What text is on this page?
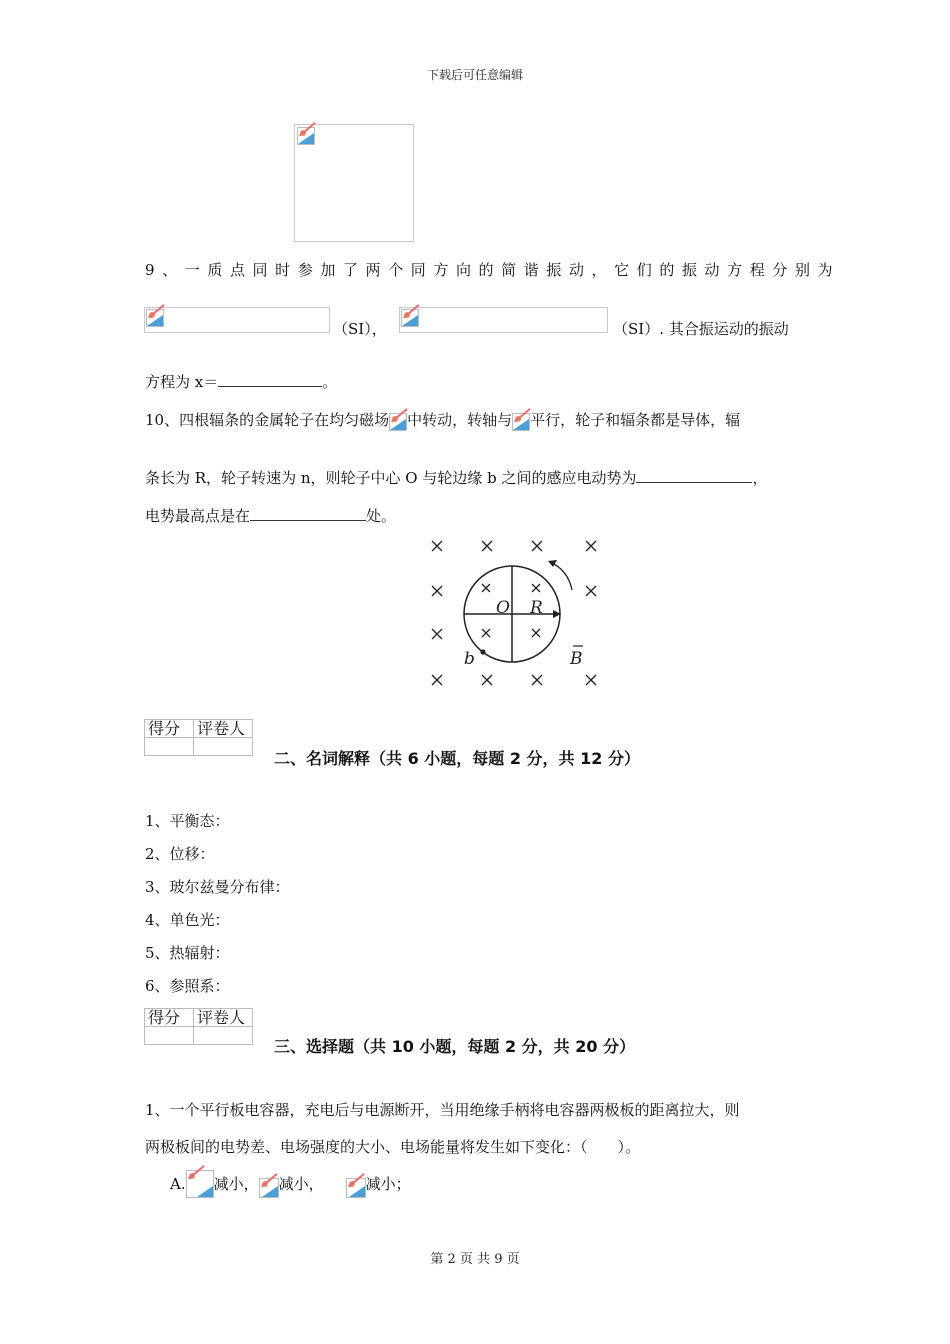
下载后可任意编辑
9、一质点同时参加了两个同方向的简谐振动，它们的振动方程分别为
（SI），	（SI）. 其合振运动的振动
方程为 x＝	。
10、四根辐条的金属轮子在均匀磁场 中转动，转轴与 平行，轮子和辐条都是导体，辐
条长为 R，轮子转速为 n，则轮子中心 O 与轮边缘 b 之间的感应电动势为	，
电势最高点是在	处。
O R
b	B
得分	评卷人

二、名词解释（共 6 小题，每题 2 分，共 12 分）
1、平衡态：
2、位移：
3、玻尔兹曼分布律：
4、单色光：
5、热辐射：
6、参照系：
得分	评卷人

三、选择题（共 10 小题，每题 2 分，共 20 分）
1、一个平行板电容器，充电后与电源断开，当用绝缘手柄将电容器两极板的距离拉大，则
两极板间的电势差、电场强度的大小、电场能量将发生如下变化：（　　）。
A. 减小， 减小，	减小；
第 2 页 共 9 页
